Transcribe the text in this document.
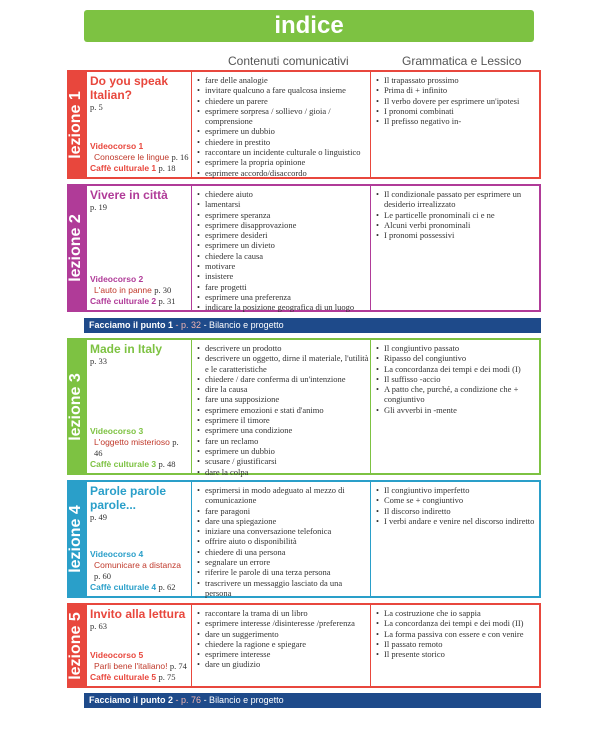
indice
Contenuti comunicativi	Grammatica e Lessico
lezione 1
Do you speak Italian?
p. 5
Videocorso 1
Conoscere le lingue p. 16
Caffè culturale 1 p. 18
• fare delle analogie
• invitare qualcuno a fare qualcosa insieme
• chiedere un parere
• esprimere sorpresa / sollievo / gioia / comprensione
• esprimere un dubbio
• chiedere in prestito
• raccontare un incidente culturale o linguistico
• esprimere la propria opinione
• esprimere accordo/disaccordo
• Il trapassato prossimo
• Prima di + infinito
• Il verbo dovere per esprimere un'ipotesi
• I pronomi combinati
• Il prefisso negativo in-
lezione 2
Vivere in città
p. 19
Videocorso 2
L'auto in panne p. 30
Caffè culturale 2 p. 31
• chiedere aiuto
• lamentarsi
• esprimere speranza
• esprimere disapprovazione
• esprimere desideri
• esprimere un divieto
• chiedere la causa
• motivare
• insistere
• fare progetti
• esprimere una preferenza
• indicare la posizione geografica di un luogo
• Il condizionale passato per esprimere un desiderio irrealizzato
• Le particelle pronominali ci e ne
• Alcuni verbi pronominali
• I pronomi possessivi
lezione 3
Made in Italy
p. 33
Videocorso 3
L'oggetto misterioso p. 46
Caffè culturale 3 p. 48
• descrivere un prodotto
• descrivere un oggetto, dirne il materiale, l'utilità e le caratteristiche
• chiedere / dare conferma di un'intenzione
• dire la causa
• fare una supposizione
• esprimere emozioni e stati d'animo
• esprimere il timore
• esprimere una condizione
• fare un reclamo
• esprimere un dubbio
• scusare / giustificarsi
• dare la colpa
• Il congiuntivo passato
• Ripasso del congiuntivo
• La concordanza dei tempi e dei modi (I)
• Il suffisso -accio
• A patto che, purché, a condizione che + congiuntivo
• Gli avverbi in -mente
lezione 4
Parole parole parole...
p. 49
Videocorso 4
Comunicare a distanza p. 60
Caffè culturale 4 p. 62
• esprimersi in modo adeguato al mezzo di comunicazione
• fare paragoni
• dare una spiegazione
• iniziare una conversazione telefonica
• offrire aiuto o disponibilità
• chiedere di una persona
• segnalare un errore
• riferire le parole di una terza persona
• trascrivere un messaggio lasciato da una persona
• Il congiuntivo imperfetto
• Come se + congiuntivo
• Il discorso indiretto
• I verbi andare e venire nel discorso indiretto
lezione 5 Invito alla lettura
p. 63
Videocorso 5
Parli bene l'italiano! p. 74
Caffè culturale 5 p. 75
• raccontare la trama di un libro
• esprimere interesse /disinteresse /preferenza
• dare un suggerimento
• chiedere la ragione e spiegare
• esprimere interesse
• dare un giudizio
• La costruzione che io sappia
• La concordanza dei tempi e dei modi (II)
• La forma passiva con essere e con venire
• Il passato remoto
• Il presente storico
Facciamo il punto 1 - p. 32 - Bilancio e progetto
Facciamo il punto 2 - p. 76 - Bilancio e progetto
